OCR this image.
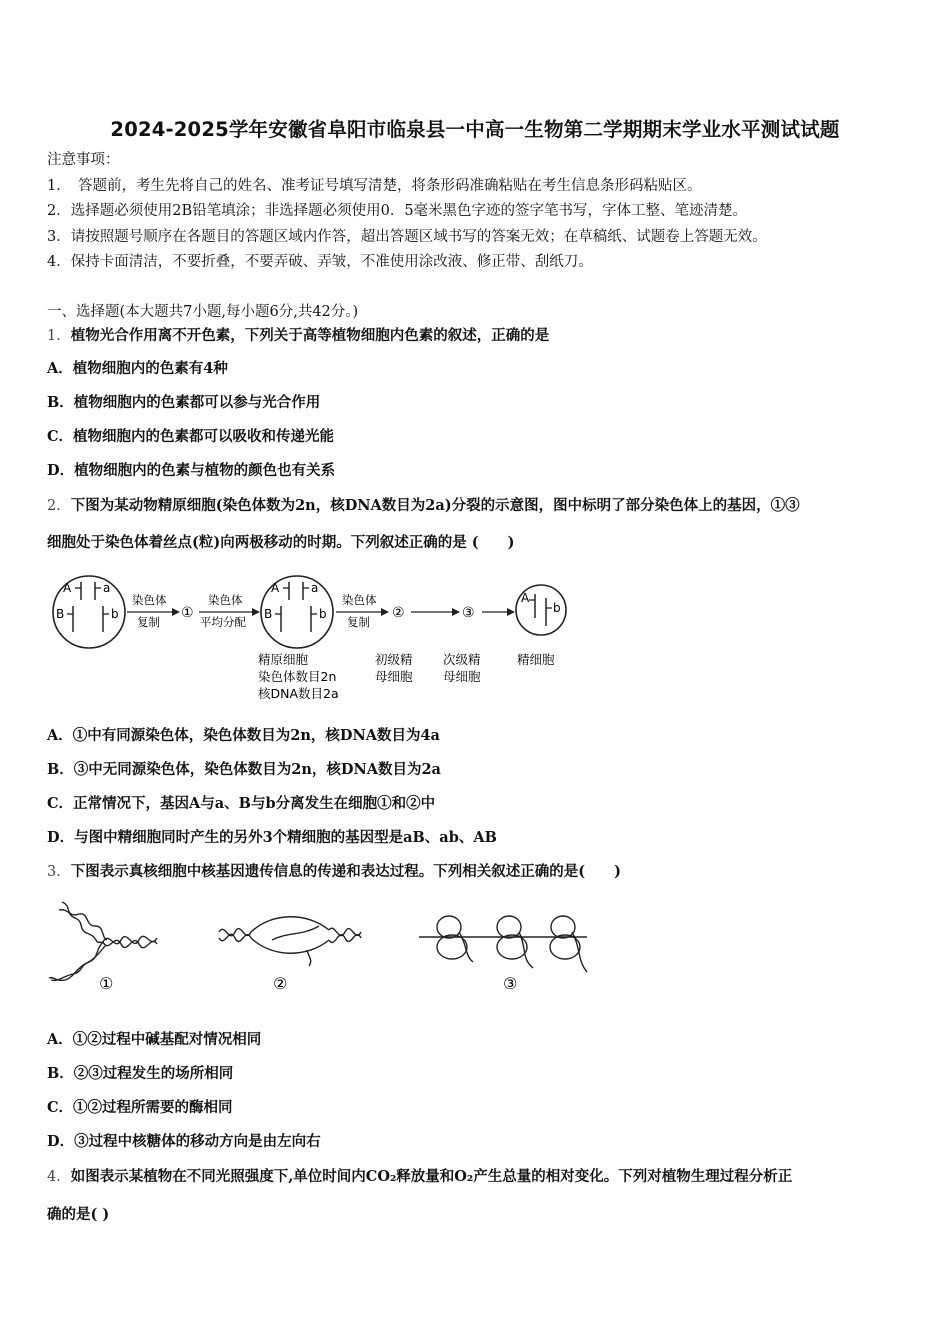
2024-2025学年安徽省阜阳市临泉县一中高一生物第二学期期末学业水平测试试题
注意事项：
1．　答题前，考生先将自己的姓名、准考证号填写清楚，将条形码准确粘贴在考生信息条形码粘贴区。
2．选择题必须使用2B铅笔填涂；非选择题必须使用0．5毫米黑色字迹的签字笔书写，字体工整、笔迹清楚。
3．请按照题号顺序在各题目的答题区域内作答，超出答题区域书写的答案无效；在草稿纸、试题卷上答题无效。
4．保持卡面清洁，不要折叠，不要弄破、弄皱，不准使用涂改液、修正带、刮纸刀。
一、选择题(本大题共7小题,每小题6分,共42分。)
1．植物光合作用离不开色素，下列关于高等植物细胞内色素的叙述，正确的是
A．植物细胞内的色素有4种
B．植物细胞内的色素都可以参与光合作用
C．植物细胞内的色素都可以吸收和传递光能
D．植物细胞内的色素与植物的颜色也有关系
2．下图为某动物精原细胞(染色体数为2n，核DNA数目为2a)分裂的示意图，图中标明了部分染色体上的基因，①③
细胞处于染色体着丝点(粒)向两极移动的时期。下列叙述正确的是 (　　)
A	a
B	b
染色体
复制
①
染色体
平均分配
A	a
B	b
染色体
复制
②	③
A
b
精原细胞
染色体数目2n
核DNA数目2a
初级精
母细胞
次级精
母细胞
精细胞
A．①中有同源染色体，染色体数目为2n，核DNA数目为4a
B．③中无同源染色体，染色体数目为2n，核DNA数目为2a
C．正常情况下，基因A与a、B与b分离发生在细胞①和②中
D．与图中精细胞同时产生的另外3个精细胞的基因型是aB、ab、AB
3．下图表示真核细胞中核基因遗传信息的传递和表达过程。下列相关叙述正确的是(　　)
①	②	③
A．①②过程中碱基配对情况相同
B．②③过程发生的场所相同
C．①②过程所需要的酶相同
D．③过程中核糖体的移动方向是由左向右
4．如图表示某植物在不同光照强度下,单位时间内CO₂释放量和O₂产生总量的相对变化。下列对植物生理过程分析正
确的是( )
